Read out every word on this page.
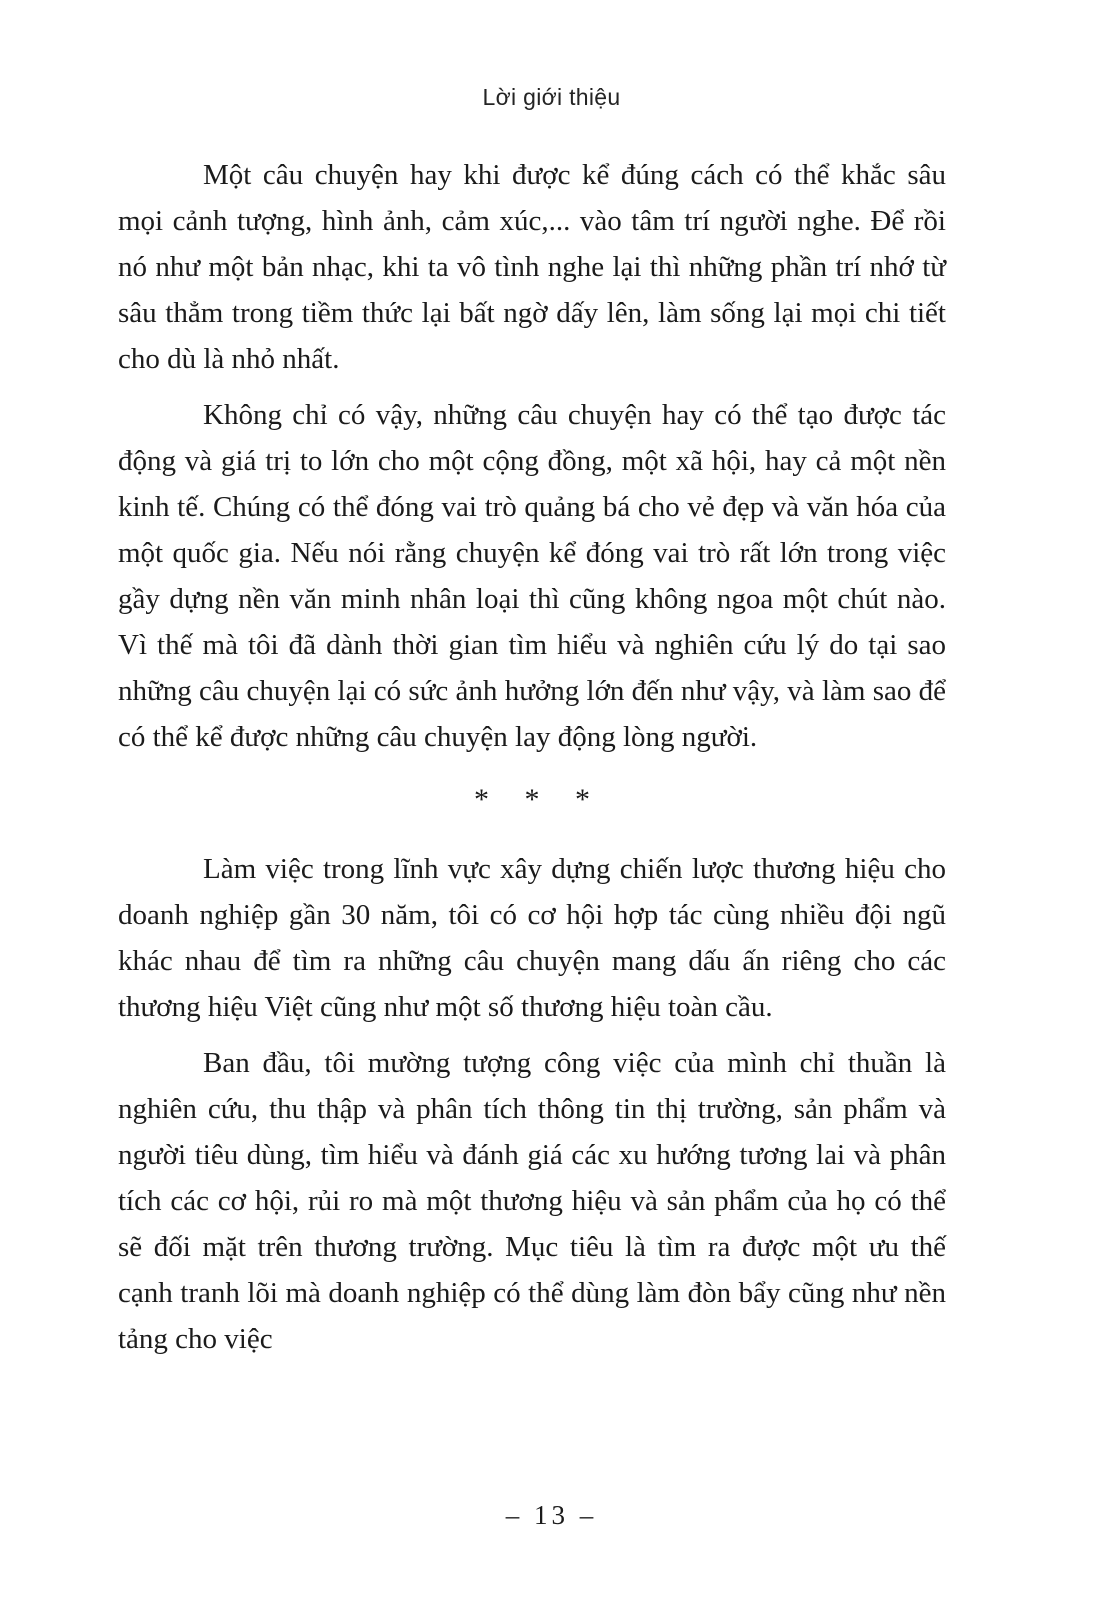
Lời giới thiệu

Một câu chuyện hay khi được kể đúng cách có thể khắc sâu mọi cảnh tượng, hình ảnh, cảm xúc,... vào tâm trí người nghe. Để rồi nó như một bản nhạc, khi ta vô tình nghe lại thì những phần trí nhớ từ sâu thẳm trong tiềm thức lại bất ngờ dấy lên, làm sống lại mọi chi tiết cho dù là nhỏ nhất.

Không chỉ có vậy, những câu chuyện hay có thể tạo được tác động và giá trị to lớn cho một cộng đồng, một xã hội, hay cả một nền kinh tế. Chúng có thể đóng vai trò quảng bá cho vẻ đẹp và văn hóa của một quốc gia. Nếu nói rằng chuyện kể đóng vai trò rất lớn trong việc gầy dựng nền văn minh nhân loại thì cũng không ngoa một chút nào. Vì thế mà tôi đã dành thời gian tìm hiểu và nghiên cứu lý do tại sao những câu chuyện lại có sức ảnh hưởng lớn đến như vậy, và làm sao để có thể kể được những câu chuyện lay động lòng người.

* * *

Làm việc trong lĩnh vực xây dựng chiến lược thương hiệu cho doanh nghiệp gần 30 năm, tôi có cơ hội hợp tác cùng nhiều đội ngũ khác nhau để tìm ra những câu chuyện mang dấu ấn riêng cho các thương hiệu Việt cũng như một số thương hiệu toàn cầu.

Ban đầu, tôi mường tượng công việc của mình chỉ thuần là nghiên cứu, thu thập và phân tích thông tin thị trường, sản phẩm và người tiêu dùng, tìm hiểu và đánh giá các xu hướng tương lai và phân tích các cơ hội, rủi ro mà một thương hiệu và sản phẩm của họ có thể sẽ đối mặt trên thương trường. Mục tiêu là tìm ra được một ưu thế cạnh tranh lõi mà doanh nghiệp có thể dùng làm đòn bẩy cũng như nền tảng cho việc

– 13 –
